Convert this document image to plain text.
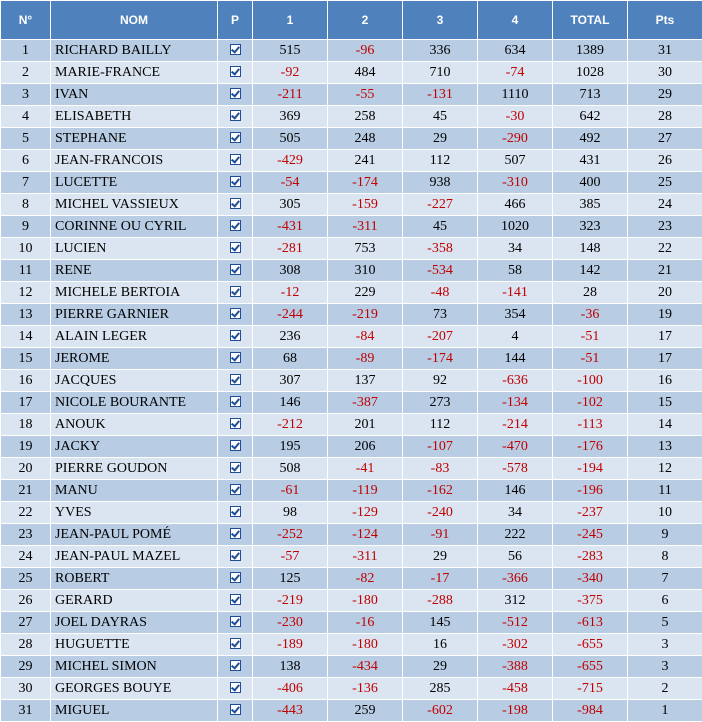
N°	NOM	P	1	2	3	4	TOTAL	Pts
1	RICHARD BAILLY		515	-96	336	634	1389	31
2	MARIE-FRANCE		-92	484	710	-74	1028	30
3	IVAN		-211	-55	-131	1110	713	29
4	ELISABETH		369	258	45	-30	642	28
5	STEPHANE		505	248	29	-290	492	27
6	JEAN-FRANCOIS		-429	241	112	507	431	26
7	LUCETTE		-54	-174	938	-310	400	25
8	MICHEL VASSIEUX		305	-159	-227	466	385	24
9	CORINNE OU CYRIL		-431	-311	45	1020	323	23
10	LUCIEN		-281	753	-358	34	148	22
11	RENE		308	310	-534	58	142	21
12	MICHELE BERTOIA		-12	229	-48	-141	28	20
13	PIERRE GARNIER		-244	-219	73	354	-36	19
14	ALAIN LEGER		236	-84	-207	4	-51	17
15	JEROME		68	-89	-174	144	-51	17
16	JACQUES		307	137	92	-636	-100	16
17	NICOLE BOURANTE		146	-387	273	-134	-102	15
18	ANOUK		-212	201	112	-214	-113	14
19	JACKY		195	206	-107	-470	-176	13
20	PIERRE GOUDON		508	-41	-83	-578	-194	12
21	MANU		-61	-119	-162	146	-196	11
22	YVES		98	-129	-240	34	-237	10
23	JEAN-PAUL POMÉ		-252	-124	-91	222	-245	9
24	JEAN-PAUL MAZEL		-57	-311	29	56	-283	8
25	ROBERT		125	-82	-17	-366	-340	7
26	GERARD		-219	-180	-288	312	-375	6
27	JOEL DAYRAS		-230	-16	145	-512	-613	5
28	HUGUETTE		-189	-180	16	-302	-655	3
29	MICHEL SIMON		138	-434	29	-388	-655	3
30	GEORGES BOUYE		-406	-136	285	-458	-715	2
31	MIGUEL		-443	259	-602	-198	-984	1
